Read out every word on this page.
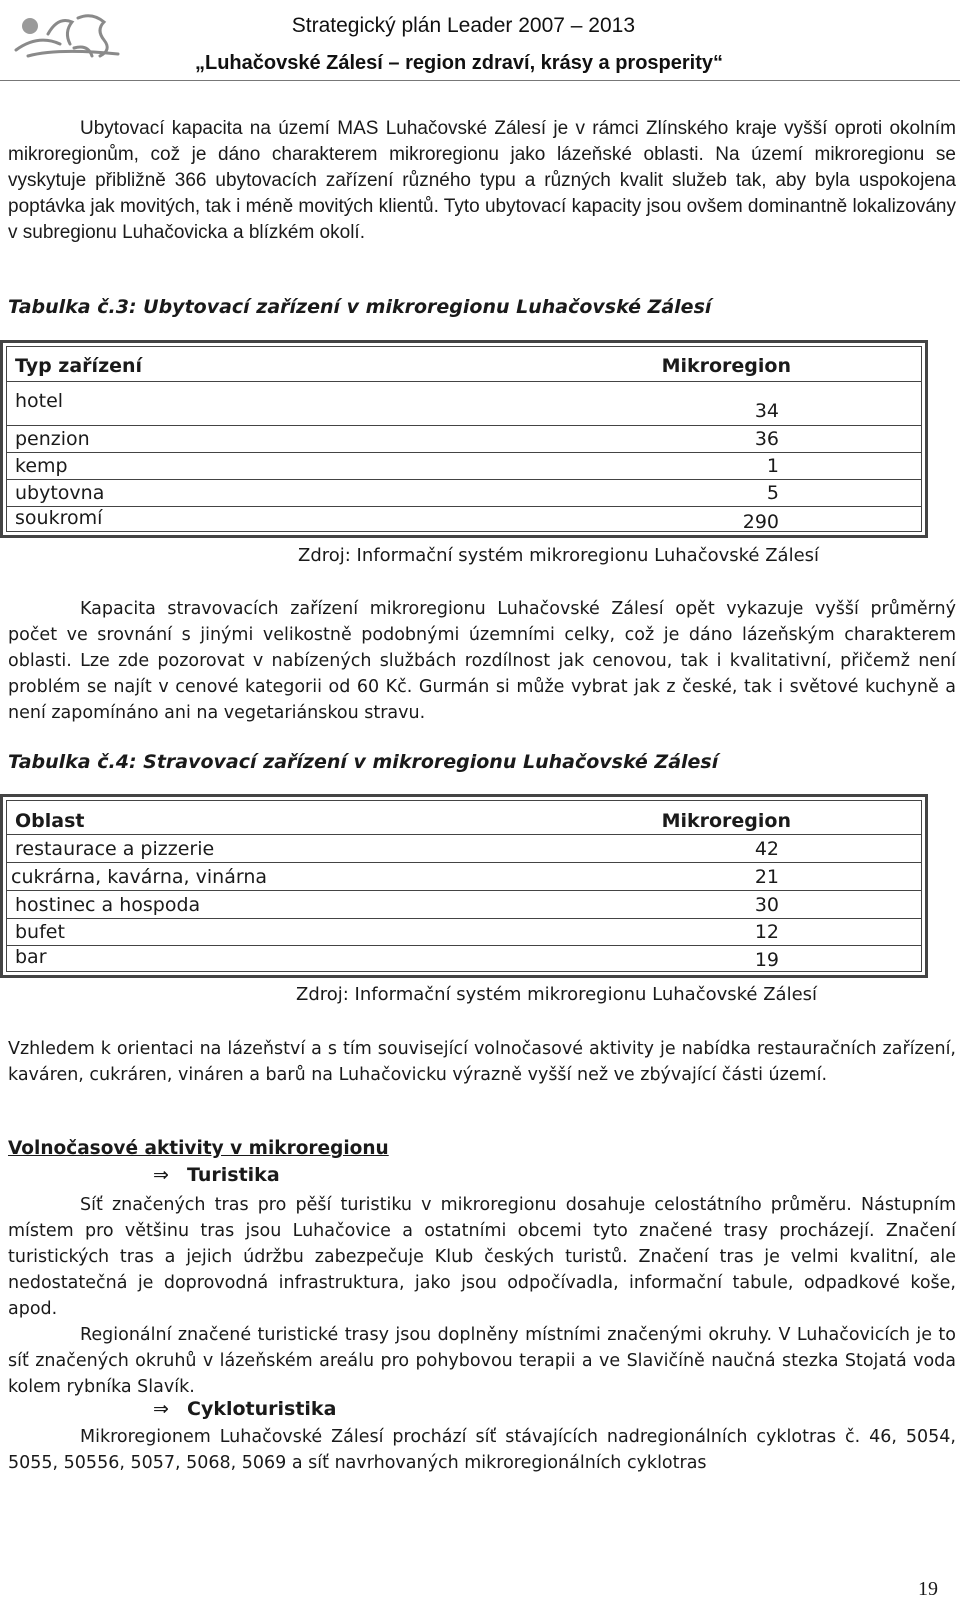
Strategický plán Leader 2007 – 2013
„Luhačovské Zálesí – region zdraví, krásy a prosperity“
Ubytovací kapacita na území MAS Luhačovské Zálesí je v rámci Zlínského kraje vyšší oproti okolním mikroregionům, což je dáno charakterem mikroregionu jako lázeňské oblasti. Na území mikroregionu se vyskytuje přibližně 366 ubytovacích zařízení různého typu a různých kvalit služeb tak, aby byla uspokojena poptávka jak movitých, tak i méně movitých klientů. Tyto ubytovací kapacity jsou ovšem dominantně lokalizovány v subregionu Luhačovicka a blízkém okolí.
Tabulka č.3: Ubytovací zařízení v mikroregionu Luhačovské Zálesí
Typ zařízení	Mikroregion
hotel	34
penzion	36
kemp	1
ubytovna	5
soukromí	290
Zdroj: Informační systém mikroregionu Luhačovské Zálesí
Kapacita stravovacích zařízení mikroregionu Luhačovské Zálesí opět vykazuje vyšší průměrný počet ve srovnání s jinými velikostně podobnými územními celky, což je dáno lázeňským charakterem oblasti. Lze zde pozorovat v nabízených službách rozdílnost jak cenovou, tak i kvalitativní, přičemž není problém se najít v cenové kategorii od 60 Kč. Gurmán si může vybrat jak z české, tak i světové kuchyně a není zapomínáno ani na vegetariánskou stravu.
Tabulka č.4: Stravovací zařízení v mikroregionu Luhačovské Zálesí
Oblast	Mikroregion
restaurace a pizzerie	42
cukrárna, kavárna, vinárna	21
hostinec a hospoda	30
bufet	12
bar	19
Zdroj: Informační systém mikroregionu Luhačovské Zálesí
Vzhledem k orientaci na lázeňství a s tím související volnočasové aktivity je nabídka restauračních zařízení, kaváren, cukráren, vináren a barů na Luhačovicku výrazně vyšší než ve zbývající části území.
Volnočasové aktivity v mikroregionu
⇒ Turistika
Síť značených tras pro pěší turistiku v mikroregionu dosahuje celostátního průměru. Nástupním místem pro většinu tras jsou Luhačovice a ostatními obcemi tyto značené trasy procházejí. Značení turistických tras a jejich údržbu zabezpečuje Klub českých turistů. Značení tras je velmi kvalitní, ale nedostatečná je doprovodná infrastruktura, jako jsou odpočívadla, informační tabule, odpadkové koše, apod.
Regionální značené turistické trasy jsou doplněny místními značenými okruhy. V Luhačovicích je to síť značených okruhů v lázeňském areálu pro pohybovou terapii a ve Slavičíně naučná stezka Stojatá voda kolem rybníka Slavík.
⇒ Cykloturistika
Mikroregionem Luhačovské Zálesí prochází síť stávajících nadregionálních cyklotras č. 46, 5054, 5055, 50556, 5057, 5068, 5069 a síť navrhovaných mikroregionálních cyklotras
19
